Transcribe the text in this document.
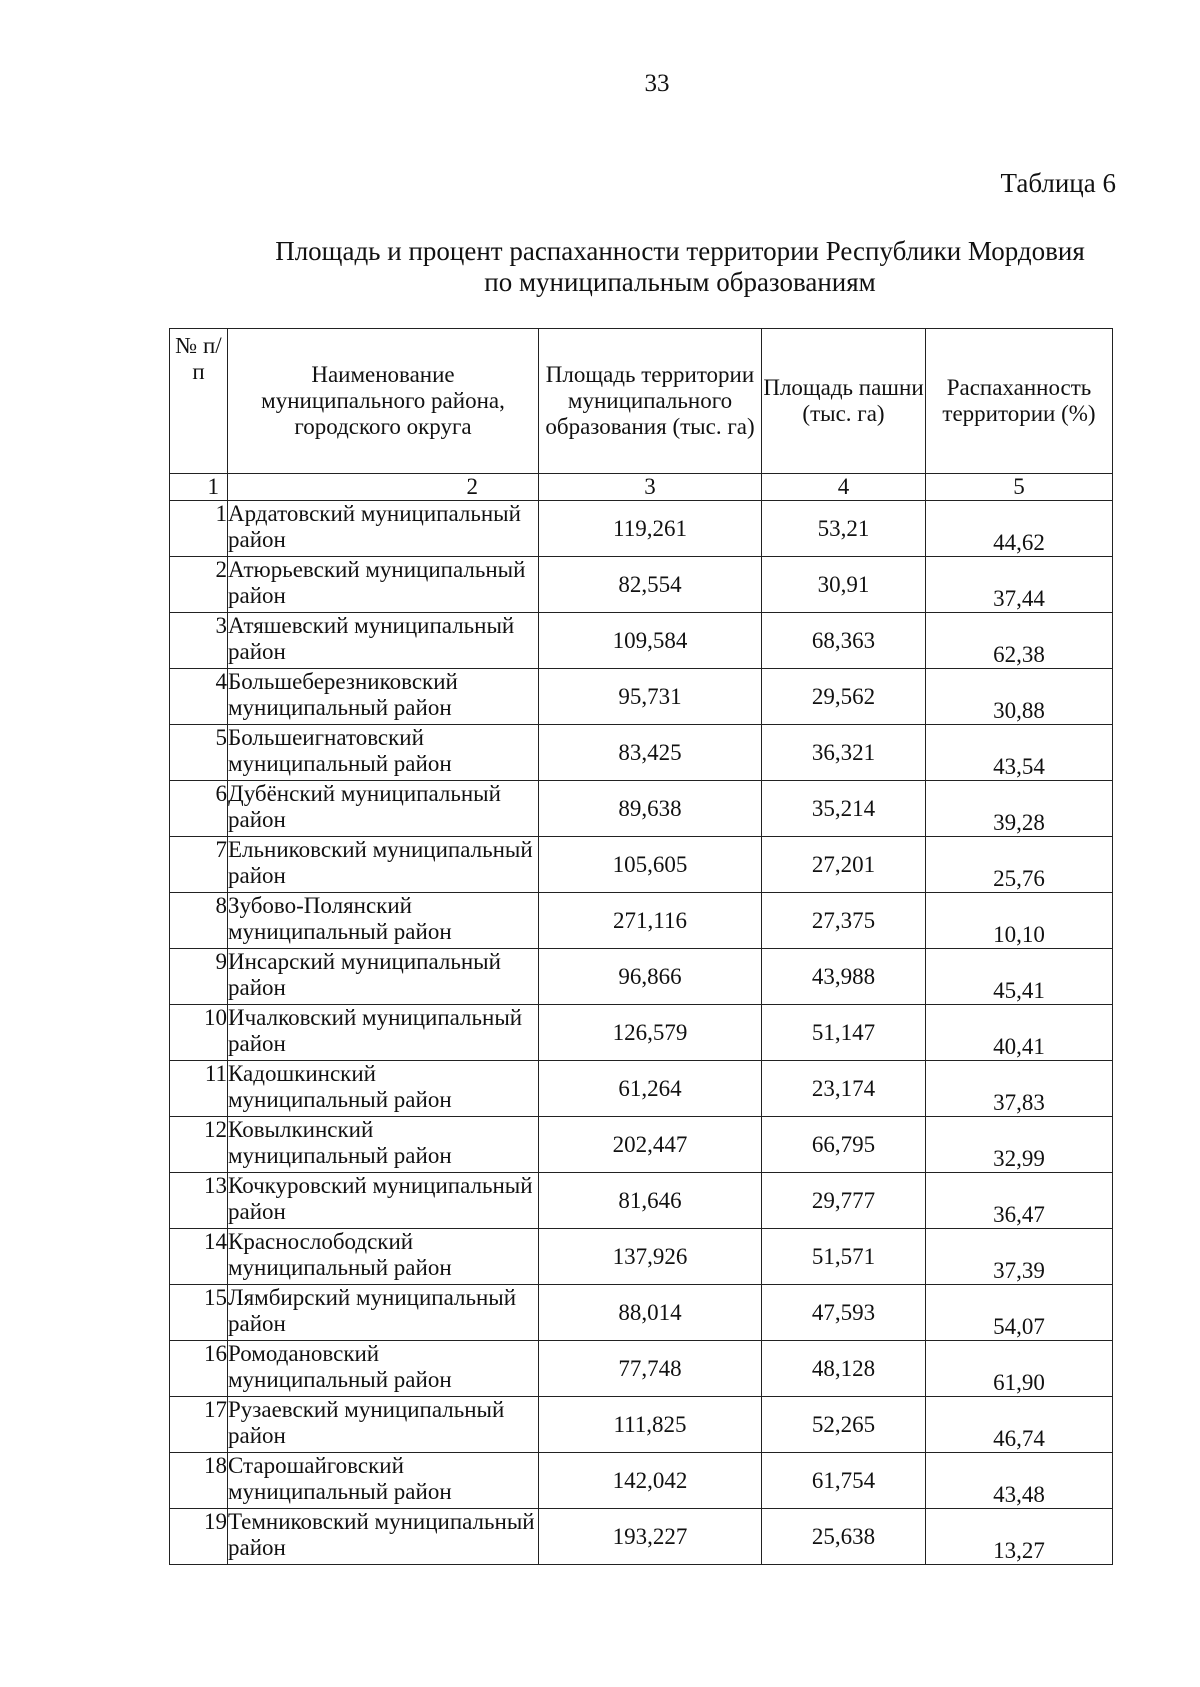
33
Таблица 6
Площадь и процент распаханности территории Республики Мордовия
по муниципальным образованиям
№ п/п	Наименование муниципального района, городского округа	Площадь территории муниципального образования (тыс. га)	Площадь пашни (тыс. га)	Распаханность территории (%)
1	2	3	4	5
1	Ардатовский муниципальный район	119,261	53,21	44,62
2	Атюрьевский муниципальный район	82,554	30,91	37,44
3	Атяшевский муниципальный район	109,584	68,363	62,38
4	Большеберезниковский муниципальный район	95,731	29,562	30,88
5	Большеигнатовский муниципальный район	83,425	36,321	43,54
6	Дубёнский муниципальный район	89,638	35,214	39,28
7	Ельниковский муниципальный район	105,605	27,201	25,76
8	Зубово-Полянский муниципальный район	271,116	27,375	10,10
9	Инсарский муниципальный район	96,866	43,988	45,41
10	Ичалковский муниципальный район	126,579	51,147	40,41
11	Кадошкинский муниципальный район	61,264	23,174	37,83
12	Ковылкинский муниципальный район	202,447	66,795	32,99
13	Кочкуровский муниципальный район	81,646	29,777	36,47
14	Краснослободский муниципальный район	137,926	51,571	37,39
15	Лямбирский муниципальный район	88,014	47,593	54,07
16	Ромодановский муниципальный район	77,748	48,128	61,90
17	Рузаевский муниципальный район	111,825	52,265	46,74
18	Старошайговский муниципальный район	142,042	61,754	43,48
19	Темниковский муниципальный район	193,227	25,638	13,27
